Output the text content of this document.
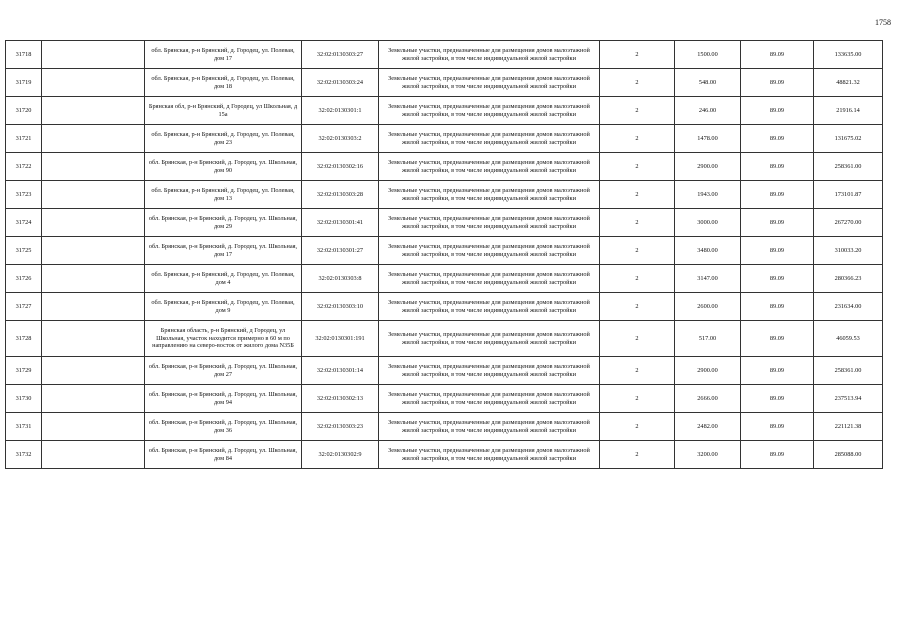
1758
31718		обл. Брянская, р-н Брянский, д. Городец, ул. Полевая, дом 17	32:02:0130303:27	Земельные участки, предназначенные для размещения домов малоэтажной жилой застройки, в том числе индивидуальной жилой застройки	2	1500.00	89.09	133635.00
31719		обл. Брянская, р-н Брянский, д. Городец, ул. Полевая, дом 18	32:02:0130303:24	Земельные участки, предназначенные для размещения домов малоэтажной жилой застройки, в том числе индивидуальной жилой застройки	2	548.00	89.09	48821.32
31720		Брянская обл, р-н Брянский, д Городец, ул Школьная, д 15а	32:02:0130301:1	Земельные участки, предназначенные для размещения домов малоэтажной жилой застройки, в том числе индивидуальной жилой застройки	2	246.00	89.09	21916.14
31721		обл. Брянская, р-н Брянский, д. Городец, ул. Полевая, дом 23	32:02:0130303:2	Земельные участки, предназначенные для размещения домов малоэтажной жилой застройки, в том числе индивидуальной жилой застройки	2	1478.00	89.09	131675.02
31722		обл. Брянская, р-н Брянский, д. Городец, ул. Школьная, дом 90	32:02:0130302:16	Земельные участки, предназначенные для размещения домов малоэтажной жилой застройки, в том числе индивидуальной жилой застройки	2	2900.00	89.09	258361.00
31723		обл. Брянская, р-н Брянский, д. Городец, ул. Полевая, дом 13	32:02:0130303:28	Земельные участки, предназначенные для размещения домов малоэтажной жилой застройки, в том числе индивидуальной жилой застройки	2	1943.00	89.09	173101.87
31724		обл. Брянская, р-н Брянский, д. Городец, ул. Школьная, дом 29	32:02:0130301:41	Земельные участки, предназначенные для размещения домов малоэтажной жилой застройки, в том числе индивидуальной жилой застройки	2	3000.00	89.09	267270.00
31725		обл. Брянская, р-н Брянский, д. Городец, ул. Школьная, дом 17	32:02:0130301:27	Земельные участки, предназначенные для размещения домов малоэтажной жилой застройки, в том числе индивидуальной жилой застройки	2	3480.00	89.09	310033.20
31726		обл. Брянская, р-н Брянский, д. Городец, ул. Полевая, дом 4	32:02:0130303:8	Земельные участки, предназначенные для размещения домов малоэтажной жилой застройки, в том числе индивидуальной жилой застройки	2	3147.00	89.09	280366.23
31727		обл. Брянская, р-н Брянский, д. Городец, ул. Полевая, дом 9	32:02:0130303:10	Земельные участки, предназначенные для размещения домов малоэтажной жилой застройки, в том числе индивидуальной жилой застройки	2	2600.00	89.09	231634.00
31728		Брянская область, р-н Брянский, д Городец, ул Школьная, участок находится примерно в 60 м по направлению на северо-восток от жилого дома N35Б	32:02:0130301:191	Земельные участки, предназначенные для размещения домов малоэтажной жилой застройки, в том числе индивидуальной жилой застройки	2	517.00	89.09	46059.53
31729		обл. Брянская, р-н Брянский, д. Городец, ул. Школьная, дом 27	32:02:0130301:14	Земельные участки, предназначенные для размещения домов малоэтажной жилой застройки, в том числе индивидуальной жилой застройки	2	2900.00	89.09	258361.00
31730		обл. Брянская, р-н Брянский, д. Городец, ул. Школьная, дом 94	32:02:0130302:13	Земельные участки, предназначенные для размещения домов малоэтажной жилой застройки, в том числе индивидуальной жилой застройки	2	2666.00	89.09	237513.94
31731		обл. Брянская, р-н Брянский, д. Городец, ул. Школьная, дом 36	32:02:0130303:23	Земельные участки, предназначенные для размещения домов малоэтажной жилой застройки, в том числе индивидуальной жилой застройки	2	2482.00	89.09	221121.38
31732		обл. Брянская, р-н Брянский, д. Городец, ул. Школьная, дом 84	32:02:0130302:9	Земельные участки, предназначенные для размещения домов малоэтажной жилой застройки, в том числе индивидуальной жилой застройки	2	3200.00	89.09	285088.00
